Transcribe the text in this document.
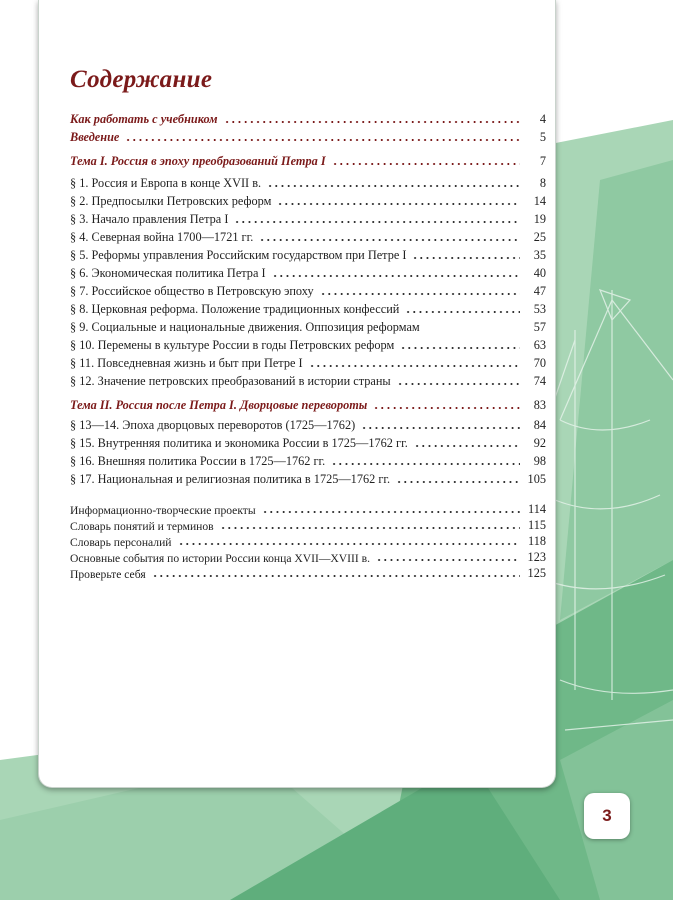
Содержание
Как работать с учебником	4
Введение	5
Тема I. Россия в эпоху преобразований Петра I	7
§ 1. Россия и Европа в конце XVII в.	8
§ 2. Предпосылки Петровских реформ	14
§ 3. Начало правления Петра I	19
§ 4. Северная война 1700—1721 гг.	25
§ 5. Реформы управления Российским государством при Петре I	35
§ 6. Экономическая политика Петра I	40
§ 7. Российское общество в Петровскую эпоху	47
§ 8. Церковная реформа. Положение традиционных конфессий	53
§ 9. Социальные и национальные движения. Оппозиция реформам	57
§ 10. Перемены в культуре России в годы Петровских реформ	63
§ 11. Повседневная жизнь и быт при Петре I	70
§ 12. Значение петровских преобразований в истории страны	74
Тема II. Россия после Петра I. Дворцовые перевороты	83
§ 13—14. Эпоха дворцовых переворотов (1725—1762)	84
§ 15. Внутренняя политика и экономика России в 1725—1762 гг.	92
§ 16. Внешняя политика России в 1725—1762 гг.	98
§ 17. Национальная и религиозная политика в 1725—1762 гг.	105
Информационно-творческие проекты	114
Словарь понятий и терминов	115
Словарь персоналий	118
Основные события по истории России конца XVII—XVIII в.	123
Проверьте себя	125
3
